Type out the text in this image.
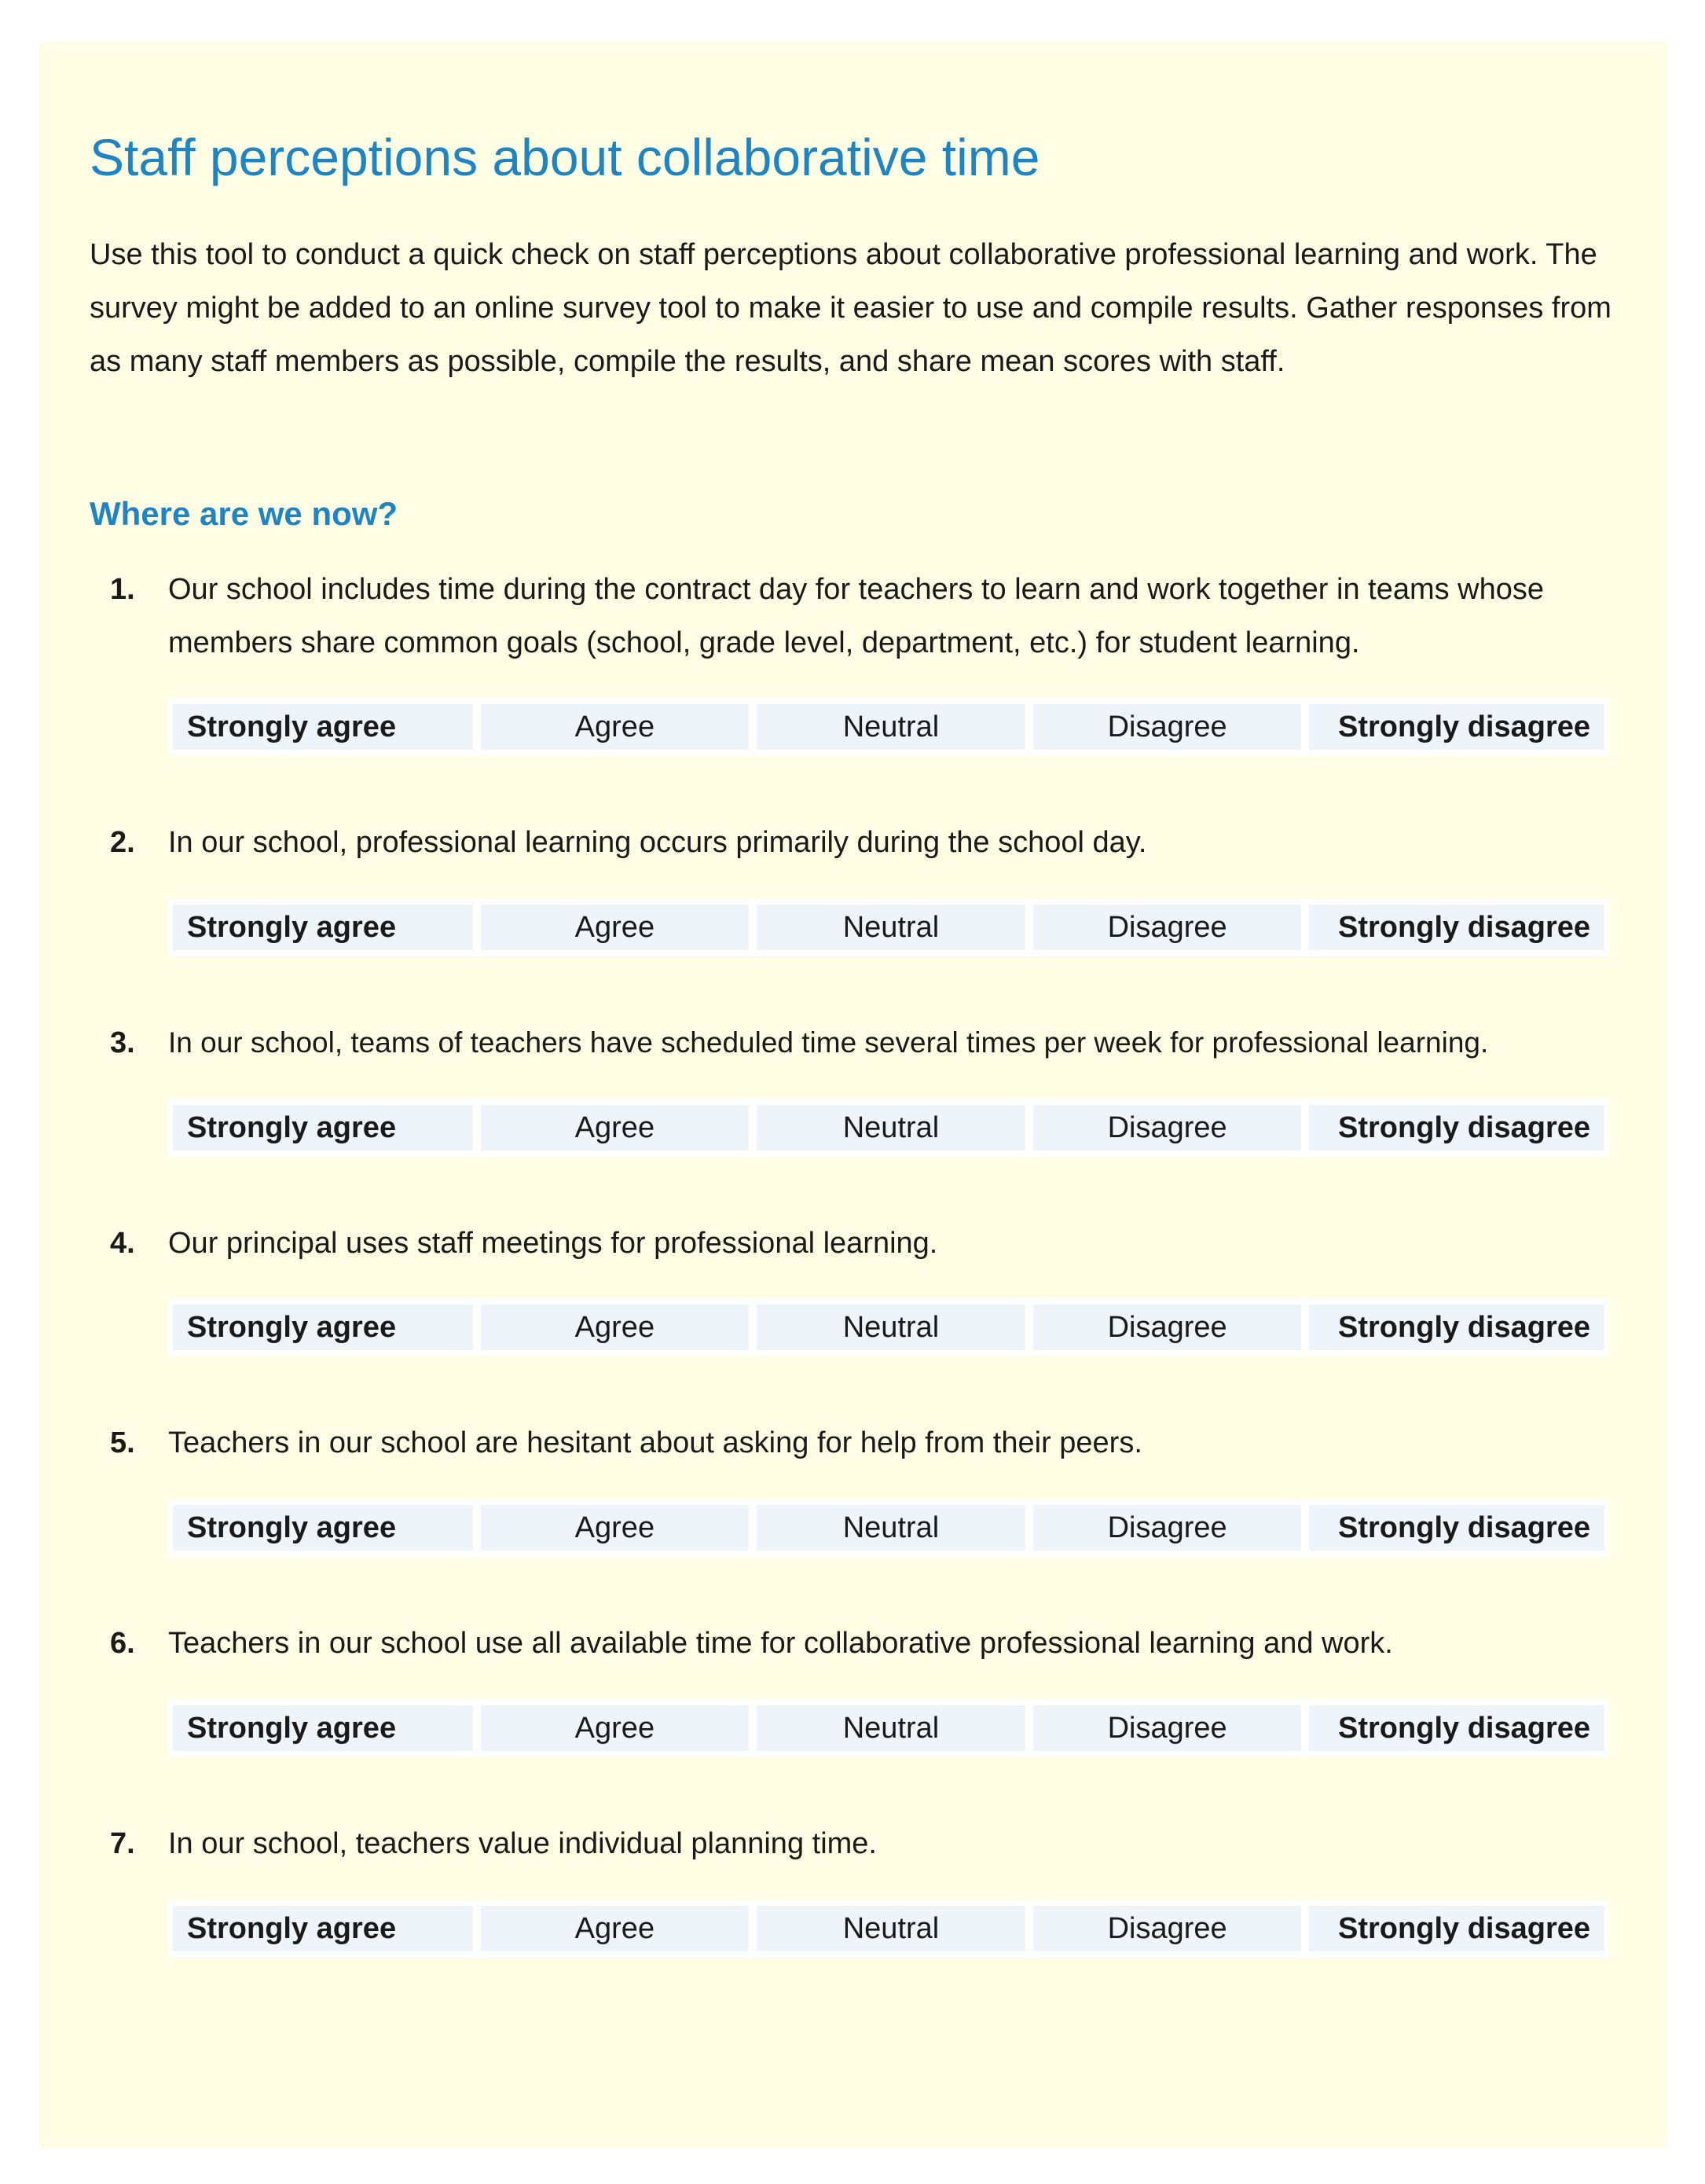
Staff perceptions about collaborative time

Use this tool to conduct a quick check on staff perceptions about collaborative professional learning and work. The survey might be added to an online survey tool to make it easier to use and compile results. Gather responses from as many staff members as possible, compile the results, and share mean scores with staff.

Where are we now?
1.	Our school includes time during the contract day for teachers to learn and work together in teams whose members share common goals (school, grade level, department, etc.) for student learning.
Strongly agree	Agree	Neutral	Disagree	Strongly disagree
2.	In our school, professional learning occurs primarily during the school day.
Strongly agree	Agree	Neutral	Disagree	Strongly disagree
3.	In our school, teams of teachers have scheduled time several times per week for professional learning.
Strongly agree	Agree	Neutral	Disagree	Strongly disagree
4.	Our principal uses staff meetings for professional learning.
Strongly agree	Agree	Neutral	Disagree	Strongly disagree
5.	Teachers in our school are hesitant about asking for help from their peers.
Strongly agree	Agree	Neutral	Disagree	Strongly disagree
6.	Teachers in our school use all available time for collaborative professional learning and work.
Strongly agree	Agree	Neutral	Disagree	Strongly disagree
7.	In our school, teachers value individual planning time.
Strongly agree	Agree	Neutral	Disagree	Strongly disagree
